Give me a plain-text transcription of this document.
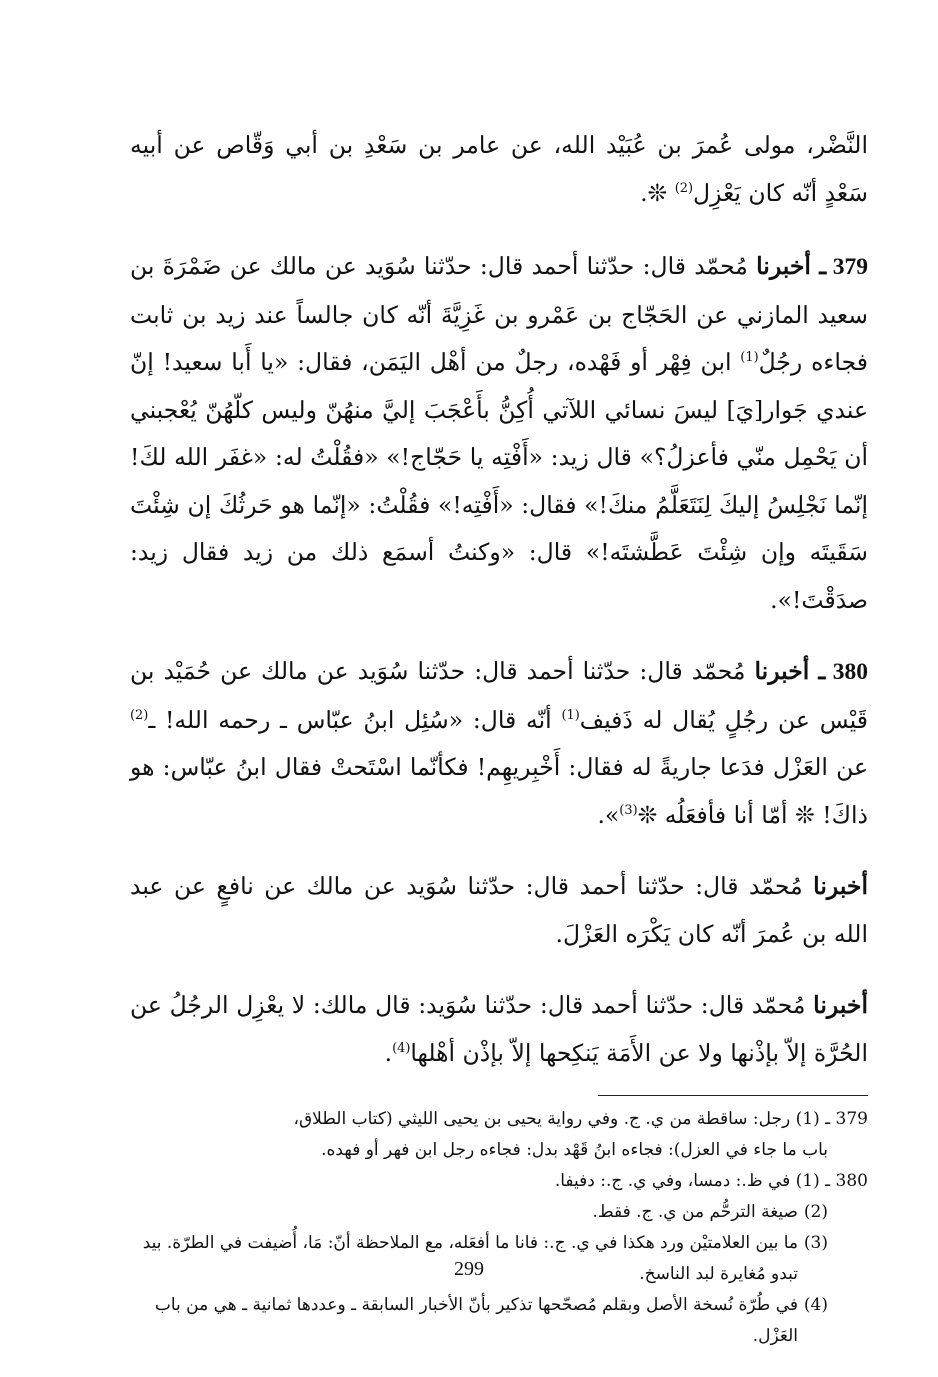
النَّضْر، مولى عُمرَ بن عُبَيْد الله، عن عامر بن سَعْدِ بن أبي وَقّاص عن أبيه سَعْدٍ أنّه كان يَعْزِل$^{(2)}$ ❊.

379 ـ أخبرنا مُحمّد قال: حدّثنا أحمد قال: حدّثنا سُوَيد عن مالك عن ضَمْرَةَ بن سعيد المازني عن الحَجّاج بن عَمْرو بن غَزِيَّةَ أنّه كان جالساً عند زيد بن ثابت فجاءه رجُلٌ$^{(1)}$ ابن فِهْر أو فَهْده، رجلٌ من أهْل اليَمَن، فقال: «يا أَبا سعيد! إنّ عندي جَوار[يَ] ليسَ نسائي اللآتي أُكِنُّ بأَعْجَبَ إليَّ منهُنّ وليس كلّهُنّ يُعْجبني أن يَحْمِل منّي فأعزلُ؟» قال زيد: «أَفْتِه يا حَجّاج!» «فقُلْتُ له: «غفَر الله لكَ! إنّما نَجْلِسُ إليكَ لِنَتَعَلَّمُ منكَ!» فقال: «أَفْتِه!» فقُلْتُ: «إنّما هو حَرثُكَ إن شِئْتَ سَقَيتَه وإن شِئْتَ عَطَّشتَه!» قال: «وكنتُ أسمَع ذلك من زيد فقال زيد: صدَقْتَ!».

380 ـ أخبرنا مُحمّد قال: حدّثنا أحمد قال: حدّثنا سُوَيد عن مالك عن حُمَيْد بن قَيْس عن رجُلٍ يُقال له ذَفيف$^{(1)}$ أنّه قال: «سُئِل ابنُ عبّاس ـ رحمه الله! ـ$^{(2)}$ عن العَزْل فدَعا جاريةً له فقال: أَخْبِريهِم! فكأنّما اسْتَحتْ فقال ابنُ عبّاس: هو ذاكَ! ❊ أمّا أنا فأفعَلُه ❊$^{(3)}$».

أخبرنا مُحمّد قال: حدّثنا أحمد قال: حدّثنا سُوَيد عن مالك عن نافعٍ عن عبد الله بن عُمرَ أنّه كان يَكْرَه العَزْلَ.

أخبرنا مُحمّد قال: حدّثنا أحمد قال: حدّثنا سُوَيد: قال مالك: لا يعْزِل الرجُلُ عن الحُرَّة إلاّ بإذْنها ولا عن الأَمَة يَنكِحها إلاّ بإذْن أهْلها$^{(4)}$.

379 ـ (1) رجل: ساقطة من ي. ج. وفي رواية يحيى بن يحيى الليثي (كتاب الطلاق،
باب ما جاء في العزل): فجاءه ابنُ قَهْد بدل: فجاءه رجل ابن فهر أو فهده.

380 ـ (1) في ظ.: دمسا، وفي ي. ج.: دفيفا.

(2)
صيغة الترحُّم من ي. ج. فقط.

(3)
ما بين العلامتيْن ورد هكذا في ي. ج.: فانا ما أفعَله، مع الملاحظة أنّ: مَا، أُضيفت في الطرّة. بيد تبدو مُغايرة لبد الناسخ.

(4)
في طُرّة نُسخة الأصل وبقلم مُصحّحها تذكير بأنّ الأخبار السابقة ـ وعددها ثمانية ـ هي من باب العَزْل.

299
